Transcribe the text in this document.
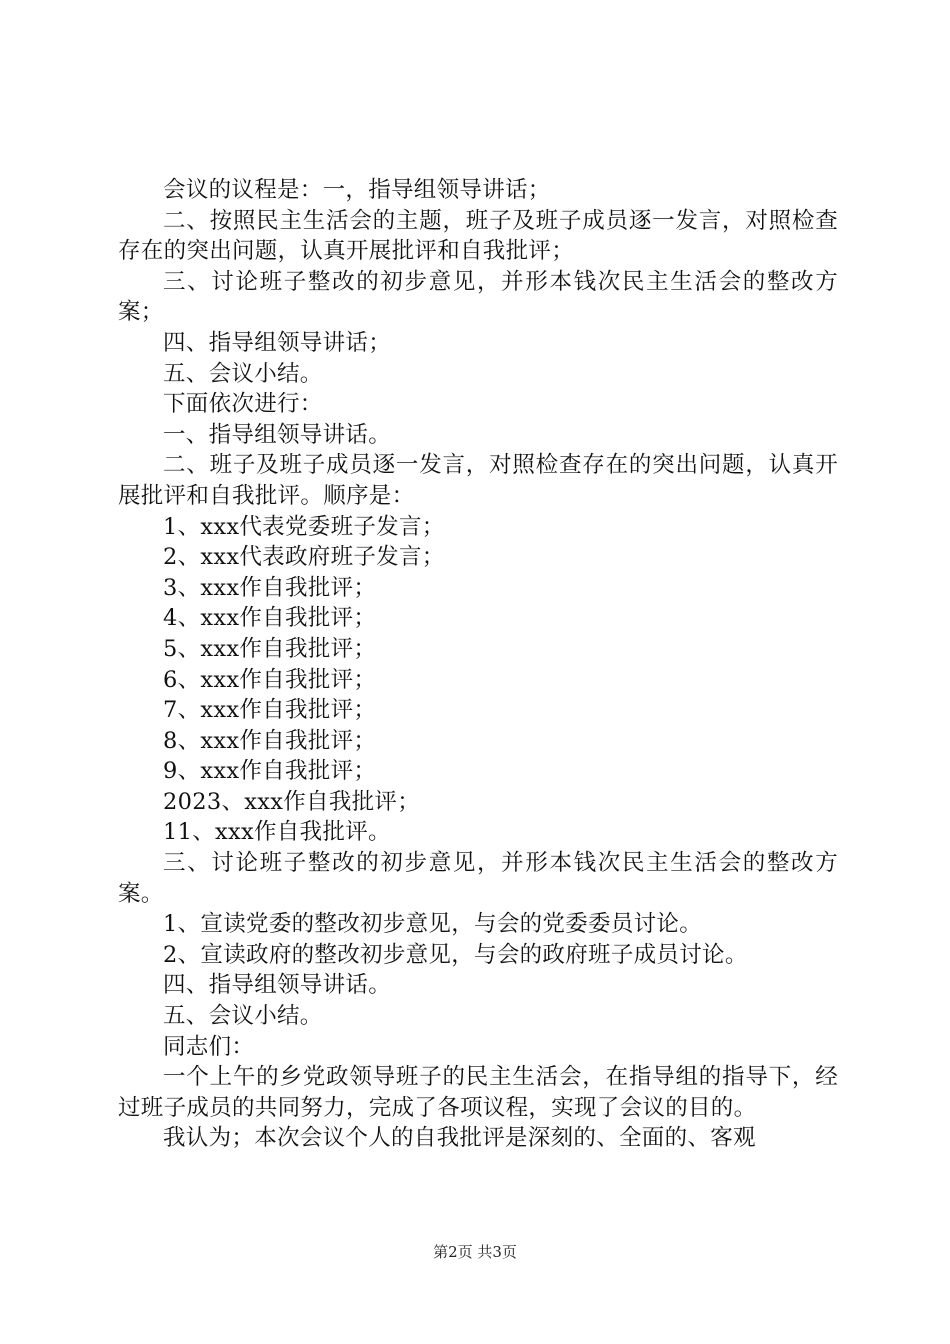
会议的议程是：一，指导组领导讲话；

二、按照民主生活会的主题，班子及班子成员逐一发言，对照检查存在的突出问题，认真开展批评和自我批评；

三、讨论班子整改的初步意见，并形本钱次民主生活会的整改方案；

四、指导组领导讲话；

五、会议小结。

下面依次进行：

一、指导组领导讲话。

二、班子及班子成员逐一发言，对照检查存在的突出问题，认真开展批评和自我批评。顺序是：

1、xxx代表党委班子发言；

2、xxx代表政府班子发言；

3、xxx作自我批评；

4、xxx作自我批评；

5、xxx作自我批评；

6、xxx作自我批评；

7、xxx作自我批评；

8、xxx作自我批评；

9、xxx作自我批评；

2023、xxx作自我批评；

11、xxx作自我批评。

三、讨论班子整改的初步意见，并形本钱次民主生活会的整改方案。

1、宣读党委的整改初步意见，与会的党委委员讨论。

2、宣读政府的整改初步意见，与会的政府班子成员讨论。

四、指导组领导讲话。

五、会议小结。

同志们：

一个上午的乡党政领导班子的民主生活会，在指导组的指导下，经过班子成员的共同努力，完成了各项议程，实现了会议的目的。

我认为；本次会议个人的自我批评是深刻的、全面的、客观

第2页 共3页
